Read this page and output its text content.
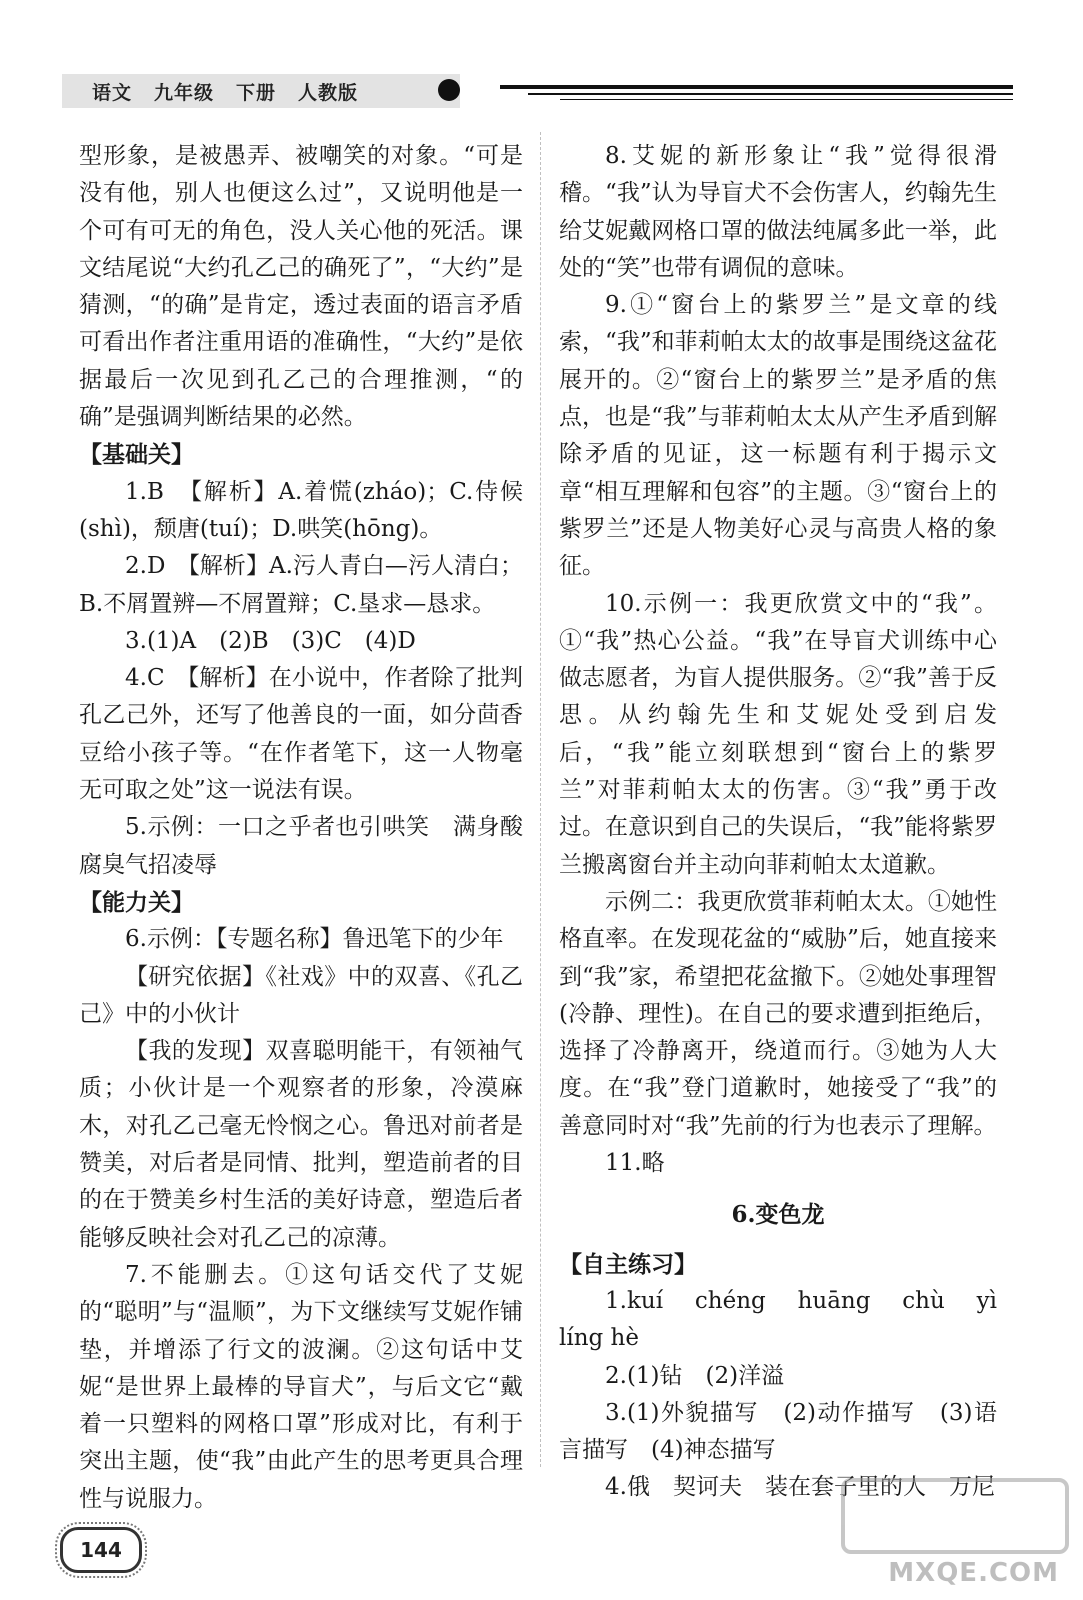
语文 九年级 下册 人教版

型形象，是被愚弄、被嘲笑的对象。“可是没有他，别人也便这么过”，又说明他是一个可有可无的角色，没人关心他的死活。课文结尾说“大约孔乙己的确死了”，“大约”是猜测，“的确”是肯定，透过表面的语言矛盾可看出作者注重用语的准确性，“大约”是依据最后一次见到孔乙己的合理推测，“的确”是强调判断结果的必然。

【基础关】

1.B　【解析】A.着慌(zháo)；C.侍候(shì)，颓唐(tuí)；D.哄笑(hōng)。

2.D　【解析】A.污人青白—污人清白；B.不屑置辨—不屑置辩；C.垦求—恳求。

3.(1)A　(2)B　(3)C　(4)D

4.C　【解析】在小说中，作者除了批判孔乙己外，还写了他善良的一面，如分茴香豆给小孩子等。“在作者笔下，这一人物毫无可取之处”这一说法有误。

5.示例：一口之乎者也引哄笑　满身酸腐臭气招凌辱

【能力关】

6.示例：【专题名称】鲁迅笔下的少年

【研究依据】《社戏》中的双喜、《孔乙己》中的小伙计

【我的发现】双喜聪明能干，有领袖气质；小伙计是一个观察者的形象，冷漠麻木，对孔乙己毫无怜悯之心。鲁迅对前者是赞美，对后者是同情、批判，塑造前者的目的在于赞美乡村生活的美好诗意，塑造后者能够反映社会对孔乙己的凉薄。

7.不能删去。①这句话交代了艾妮的“聪明”与“温顺”，为下文继续写艾妮作铺垫，并增添了行文的波澜。②这句话中艾妮“是世界上最棒的导盲犬”，与后文它“戴着一只塑料的网格口罩”形成对比，有利于突出主题，使“我”由此产生的思考更具合理性与说服力。

8.艾妮的新形象让“我”觉得很滑稽。“我”认为导盲犬不会伤害人，约翰先生给艾妮戴网格口罩的做法纯属多此一举，此处的“笑”也带有调侃的意味。

9.①“窗台上的紫罗兰”是文章的线索，“我”和菲莉帕太太的故事是围绕这盆花展开的。②“窗台上的紫罗兰”是矛盾的焦点，也是“我”与菲莉帕太太从产生矛盾到解除矛盾的见证，这一标题有利于揭示文章“相互理解和包容”的主题。③“窗台上的紫罗兰”还是人物美好心灵与高贵人格的象征。

10.示例一：我更欣赏文中的“我”。①“我”热心公益。“我”在导盲犬训练中心做志愿者，为盲人提供服务。②“我”善于反思。从约翰先生和艾妮处受到启发后，“我”能立刻联想到“窗台上的紫罗兰”对菲莉帕太太的伤害。③“我”勇于改过。在意识到自己的失误后，“我”能将紫罗兰搬离窗台并主动向菲莉帕太太道歉。

示例二：我更欣赏菲莉帕太太。①她性格直率。在发现花盆的“威胁”后，她直接来到“我”家，希望把花盆撤下。②她处事理智(冷静、理性)。在自己的要求遭到拒绝后，选择了冷静离开，绕道而行。③她为人大度。在“我”登门道歉时，她接受了“我”的善意同时对“我”先前的行为也表示了理解。

11.略

6.变色龙

【自主练习】

1.kuí　chéng　huāng　chù　yì　líng hè

2.(1)钻　(2)洋溢

3.(1)外貌描写　(2)动作描写　(3)语言描写　(4)神态描写

4.俄　契诃夫　装在套子里的人　万尼

144
MXQE.COM
